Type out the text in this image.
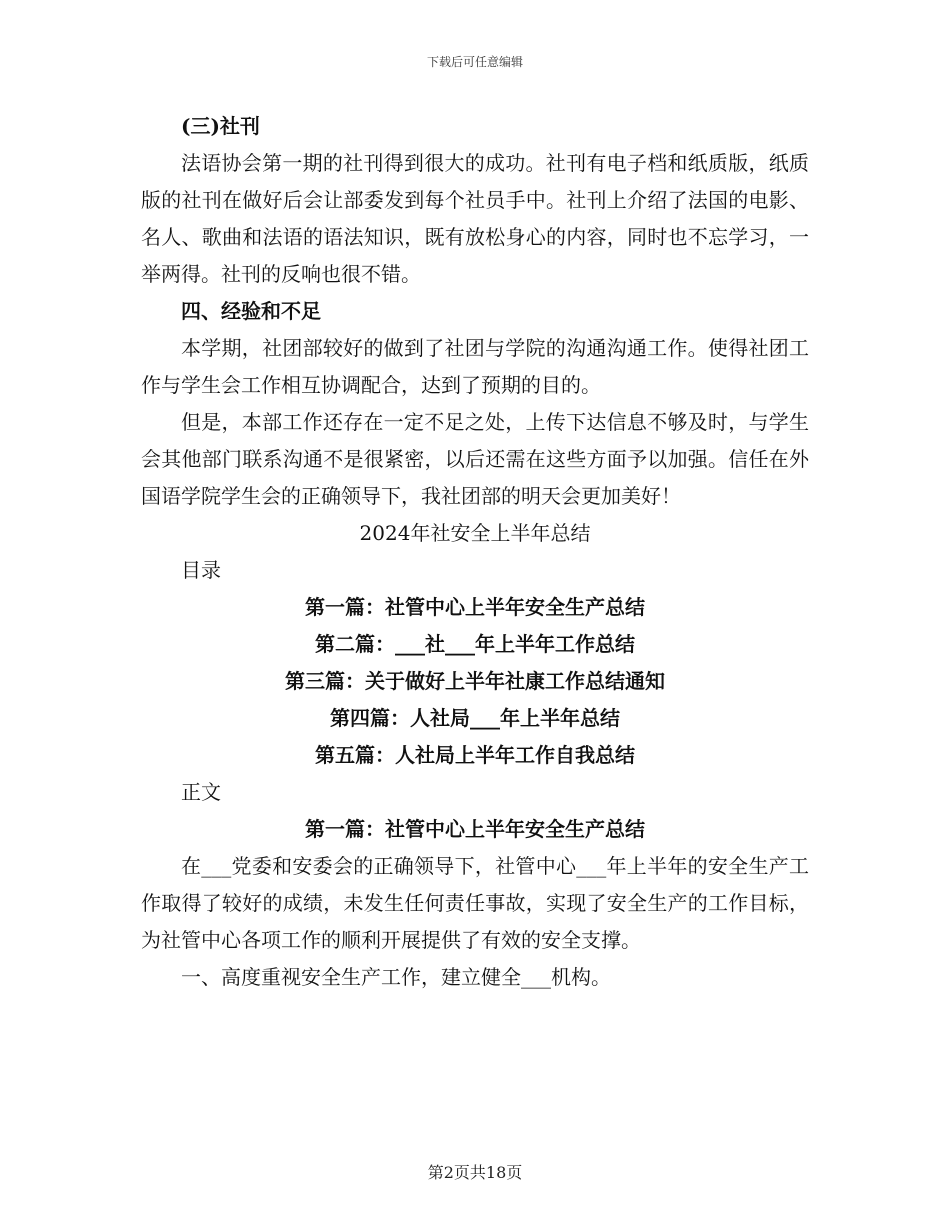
下载后可任意编辑

(三)社刊

法语协会第一期的社刊得到很大的成功。社刊有电子档和纸质版，纸质版的社刊在做好后会让部委发到每个社员手中。社刊上介绍了法国的电影、名人、歌曲和法语的语法知识，既有放松身心的内容，同时也不忘学习，一举两得。社刊的反响也很不错。

四、经验和不足

本学期，社团部较好的做到了社团与学院的沟通沟通工作。使得社团工作与学生会工作相互协调配合，达到了预期的目的。

但是，本部工作还存在一定不足之处，上传下达信息不够及时，与学生会其他部门联系沟通不是很紧密，以后还需在这些方面予以加强。信任在外国语学院学生会的正确领导下，我社团部的明天会更加美好！

2024年社安全上半年总结

目录

第一篇：社管中心上半年安全生产总结

第二篇：___社___年上半年工作总结

第三篇：关于做好上半年社康工作总结通知

第四篇：人社局___年上半年总结

第五篇：人社局上半年工作自我总结

正文

第一篇：社管中心上半年安全生产总结

在___党委和安委会的正确领导下，社管中心___年上半年的安全生产工作取得了较好的成绩，未发生任何责任事故，实现了安全生产的工作目标，为社管中心各项工作的顺利开展提供了有效的安全支撑。

一、高度重视安全生产工作，建立健全___机构。

第2页共18页
